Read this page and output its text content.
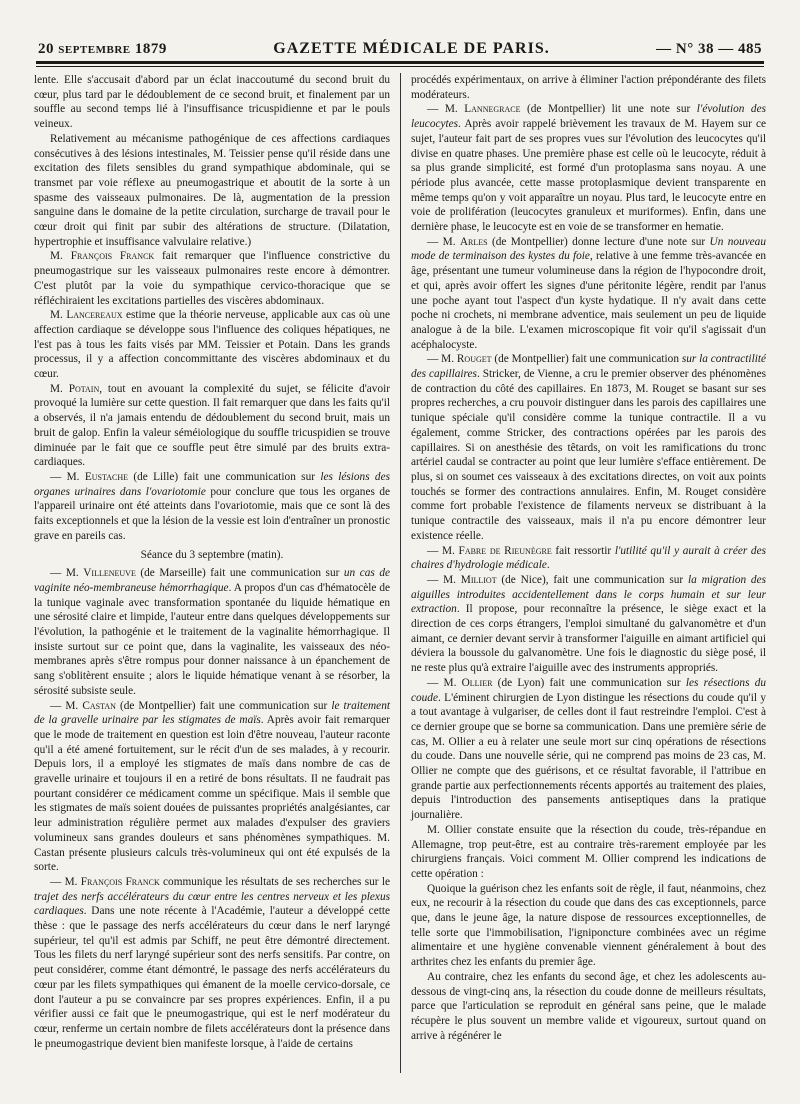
20 septembre 1879	GAZETTE MÉDICALE DE PARIS.	— N° 38 — 485

lente. Elle s'accusait d'abord par un éclat inaccoutumé du second bruit du cœur, plus tard par le dédoublement de ce second bruit, et finalement par un souffle au second temps lié à l'insuffisance tricuspidienne et par le pouls veineux.

Relativement au mécanisme pathogénique de ces affections cardiaques consécutives à des lésions intestinales, M. Teissier pense qu'il réside dans une excitation des filets sensibles du grand sympathique abdominale, qui se transmet par voie réflexe au pneumogastrique et aboutit de la sorte à un spasme des vaisseaux pulmonaires. De là, augmentation de la pression sanguine dans le domaine de la petite circulation, surcharge de travail pour le cœur droit qui finit par subir des altérations de structure. (Dilatation, hypertrophie et insuffisance valvulaire relative.)

M. François Franck fait remarquer que l'influence constrictive du pneumogastrique sur les vaisseaux pulmonaires reste encore à démontrer. C'est plutôt par la voie du sympathique cervico-thoracique que se réfléchiraient les excitations partielles des viscères abdominaux.

M. Lancereaux estime que la théorie nerveuse, applicable aux cas où une affection cardiaque se développe sous l'influence des coliques hépatiques, ne l'est pas à tous les faits visés par MM. Teissier et Potain. Dans les grands processus, il y a affection concommittante des viscères abdominaux et du cœur.

M. Potain, tout en avouant la complexité du sujet, se félicite d'avoir provoqué la lumière sur cette question. Il fait remarquer que dans les faits qu'il a observés, il n'a jamais entendu de dédoublement du second bruit, mais un bruit de galop. Enfin la valeur séméiologique du souffle tricuspidien se trouve diminuée par le fait que ce souffle peut être simulé par des bruits extra-cardiaques.

— M. Eustache (de Lille) fait une communication sur les lésions des organes urinaires dans l'ovariotomie pour conclure que tous les organes de l'appareil urinaire ont été atteints dans l'ovariotomie, mais que ce sont là des faits exceptionnels et que la lésion de la vessie est loin d'entraîner un pronostic grave en pareils cas.

Séance du 3 septembre (matin).

— M. Villeneuve (de Marseille) fait une communication sur un cas de vaginite néo-membraneuse hémorrhagique. A propos d'un cas d'hématocèle de la tunique vaginale avec transformation spontanée du liquide hématique en une sérosité claire et limpide, l'auteur entre dans quelques développements sur l'évolution, la pathogénie et le traitement de la vaginalite hémorrhagique. Il insiste surtout sur ce point que, dans la vaginalite, les vaisseaux des néo-membranes après s'être rompus pour donner naissance à un épanchement de sang s'oblitèrent ensuite ; alors le liquide hématique venant à se résorber, la sérosité subsiste seule.

— M. Castan (de Montpellier) fait une communication sur le traitement de la gravelle urinaire par les stigmates de maïs. Après avoir fait remarquer que le mode de traitement en question est loin d'être nouveau, l'auteur raconte qu'il a été amené fortuitement, sur le récit d'un de ses malades, à y recourir. Depuis lors, il a employé les stigmates de maïs dans nombre de cas de gravelle urinaire et toujours il en a retiré de bons résultats. Il ne faudrait pas pourtant considérer ce médicament comme un spécifique. Mais il semble que les stigmates de maïs soient douées de puissantes propriétés analgésiantes, car leur administration régulière permet aux malades d'expulser des graviers volumineux sans grandes douleurs et sans phénomènes sympathiques. M. Castan présente plusieurs calculs très-volumineux qui ont été expulsés de la sorte.

— M. François Franck communique les résultats de ses recherches sur le trajet des nerfs accélérateurs du cœur entre les centres nerveux et les plexus cardiaques. Dans une note récente à l'Académie, l'auteur a développé cette thèse : que le passage des nerfs accélérateurs du cœur dans le nerf laryngé supérieur, tel qu'il est admis par Schiff, ne peut être démontré directement. Tous les filets du nerf laryngé supérieur sont des nerfs sensitifs. Par contre, on peut considérer, comme étant démontré, le passage des nerfs accélérateurs du cœur par les filets sympathiques qui émanent de la moelle cervico-dorsale, ce dont l'auteur a pu se convaincre par ses propres expériences. Enfin, il a pu vérifier aussi ce fait que le pneumogastrique, qui est le nerf modérateur du cœur, renferme un certain nombre de filets accélérateurs dont la présence dans le pneumogastrique devient bien manifeste lorsque, à l'aide de certains

procédés expérimentaux, on arrive à éliminer l'action prépondérante des filets modérateurs.

— M. Lannegrace (de Montpellier) lit une note sur l'évolution des leucocytes. Après avoir rappelé brièvement les travaux de M. Hayem sur ce sujet, l'auteur fait part de ses propres vues sur l'évolution des leucocytes qu'il divise en quatre phases. Une première phase est celle où le leucocyte, réduit à sa plus grande simplicité, est formé d'un protoplasma sans noyau. A une période plus avancée, cette masse protoplasmique devient transparente en même temps qu'on y voit apparaître un noyau. Plus tard, le leucocyte entre en voie de prolifération (leucocytes granuleux et muriformes). Enfin, dans une dernière phase, le leucocyte est en voie de se transformer en hematie.

— M. Arles (de Montpellier) donne lecture d'une note sur Un nouveau mode de terminaison des kystes du foie, relative à une femme très-avancée en âge, présentant une tumeur volumineuse dans la région de l'hypocondre droit, et qui, après avoir offert les signes d'une péritonite légère, rendit par l'anus une poche ayant tout l'aspect d'un kyste hydatique. Il n'y avait dans cette poche ni crochets, ni membrane adventice, mais seulement un peu de liquide analogue à de la bile. L'examen microscopique fit voir qu'il s'agissait d'un acéphalocyste.

— M. Rouget (de Montpellier) fait une communication sur la contractilité des capillaires. Stricker, de Vienne, a cru le premier observer des phénomènes de contraction du côté des capillaires. En 1873, M. Rouget se basant sur ses propres recherches, a cru pouvoir distinguer dans les parois des capillaires une tunique spéciale qu'il considère comme la tunique contractile. Il a vu également, comme Stricker, des contractions opérées par les parois des capillaires. Si on anesthésie des têtards, on voit les ramifications du tronc artériel caudal se contracter au point que leur lumière s'efface entièrement. De plus, si on soumet ces vaisseaux à des excitations directes, on voit aux points touchés se former des contractions annulaires. Enfin, M. Rouget considère comme fort probable l'existence de filaments nerveux se distribuant à la tunique contractile des vaisseaux, mais il n'a pu encore démontrer leur existence réelle.

— M. Fabre de Rieunègre fait ressortir l'utilité qu'il y aurait à créer des chaires d'hydrologie médicale.

— M. Milliot (de Nice), fait une communication sur la migration des aiguilles introduites accidentellement dans le corps humain et sur leur extraction. Il propose, pour reconnaître la présence, le siège exact et la direction de ces corps étrangers, l'emploi simultané du galvanomètre et d'un aimant, ce dernier devant servir à transformer l'aiguille en aimant artificiel qui déviera la boussole du galvanomètre. Une fois le diagnostic du siège posé, il ne reste plus qu'à extraire l'aiguille avec des instruments appropriés.

— M. Ollier (de Lyon) fait une communication sur les résections du coude. L'éminent chirurgien de Lyon distingue les résections du coude qu'il y a tout avantage à vulgariser, de celles dont il faut restreindre l'emploi. C'est à ce dernier groupe que se borne sa communication. Dans une première série de cas, M. Ollier a eu à relater une seule mort sur cinq opérations de résections du coude. Dans une nouvelle série, qui ne comprend pas moins de 23 cas, M. Ollier ne compte que des guérisons, et ce résultat favorable, il l'attribue en grande partie aux perfectionnements récents apportés au traitement des plaies, depuis l'introduction des pansements antiseptiques dans la pratique journalière.

M. Ollier constate ensuite que la résection du coude, très-répandue en Allemagne, trop peut-être, est au contraire très-rarement employée par les chirurgiens français. Voici comment M. Ollier comprend les indications de cette opération :

Quoique la guérison chez les enfants soit de règle, il faut, néanmoins, chez eux, ne recourir à la résection du coude que dans des cas exceptionnels, parce que, dans le jeune âge, la nature dispose de ressources exceptionnelles, de telle sorte que l'immobilisation, l'igniponcture combinées avec un régime alimentaire et une hygiène convenable viennent généralement à bout des arthrites chez les enfants du premier âge.

Au contraire, chez les enfants du second âge, et chez les adolescents au-dessous de vingt-cinq ans, la résection du coude donne de meilleurs résultats, parce que l'articulation se reproduit en général sans peine, que le malade récupère le plus souvent un membre valide et vigoureux, surtout quand on arrive à régénérer le
